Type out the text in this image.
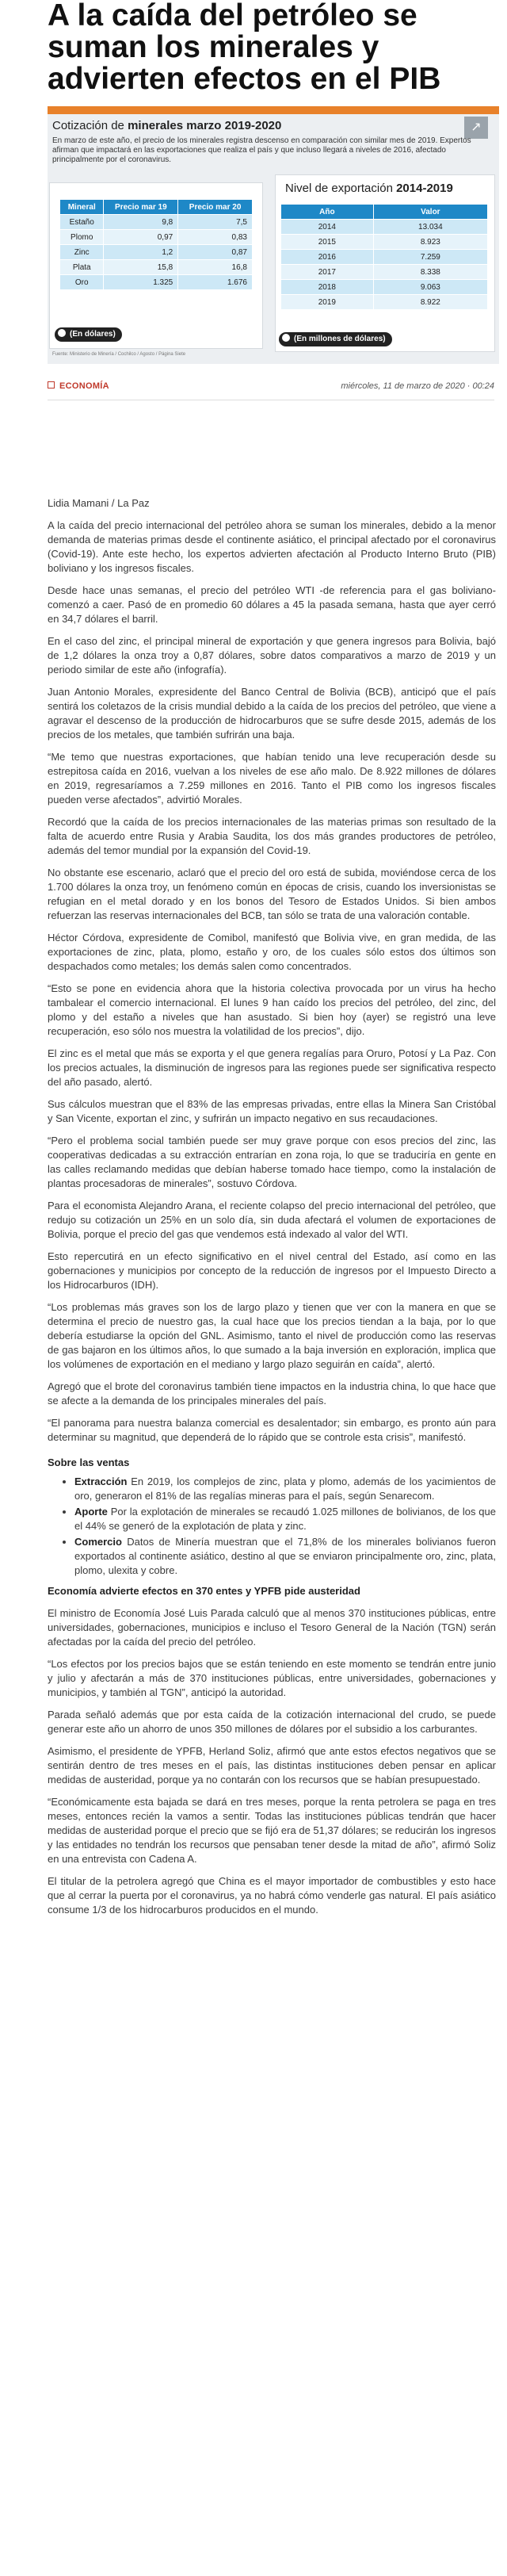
A la caída del petróleo se suman los minerales y advierten efectos en el PIB
Cotización de minerales marzo 2019-2020	↗
En marzo de este año, el precio de los minerales registra descenso en comparación con similar mes de 2019. Expertos afirman que impactará en las exportaciones que realiza el país y que incluso llegará a niveles de 2016, afectado principalmente por el coronavirus.
Mineral	Precio mar 19	Precio mar 20
Estaño	9,8	7,5
Plomo	0,97	0,83
Zinc	1,2	0,87
Plata	15,8	16,8
Oro	1.325	1.676
(En dólares)
Nivel de exportación 2014-2019
Año	Valor
2014	13.034
2015	8.923
2016	7.259
2017	8.338
2018	9.063
2019	8.922
(En millones de dólares)
Fuente: Ministerio de Minería / Cochilco / Agosto / Página Siete
ECONOMÍA	miércoles, 11 de marzo de 2020 · 00:24

Lidia Mamani / La Paz

A la caída del precio internacional del petróleo ahora se suman los minerales, debido a la menor demanda de materias primas desde el continente asiático, el principal afectado por el coronavirus (Covid-19). Ante este hecho, los expertos advierten afectación al Producto Interno Bruto (PIB) boliviano y los ingresos fiscales.

Desde hace unas semanas, el precio del petróleo WTI -de referencia para el gas boliviano- comenzó a caer. Pasó de en promedio 60 dólares a 45 la pasada semana, hasta que ayer cerró en 34,7 dólares el barril.

En el caso del zinc, el principal mineral de exportación y que genera ingresos para Bolivia, bajó de 1,2 dólares la onza troy a 0,87 dólares, sobre datos comparativos a marzo de 2019 y un periodo similar de este año (infografía).

Juan Antonio Morales, expresidente del Banco Central de Bolivia (BCB), anticipó que el país sentirá los coletazos de la crisis mundial debido a la caída de los precios del petróleo, que viene a agravar el descenso de la producción de hidrocarburos que se sufre desde 2015, además de los precios de los metales, que también sufrirán una baja.

“Me temo que nuestras exportaciones, que habían tenido una leve recuperación desde su estrepitosa caída en 2016, vuelvan a los niveles de ese año malo. De 8.922 millones de dólares en 2019, regresaríamos a 7.259 millones en 2016. Tanto el PIB como los ingresos fiscales pueden verse afectados”, advirtió Morales.

Recordó que la caída de los precios internacionales de las materias primas son resultado de la falta de acuerdo entre Rusia y Arabia Saudita, los dos más grandes productores de petróleo, además del temor mundial por la expansión del Covid-19.

No obstante ese escenario, aclaró que el precio del oro está de subida, moviéndose cerca de los 1.700 dólares la onza troy, un fenómeno común en épocas de crisis, cuando los inversionistas se refugian en el metal dorado y en los bonos del Tesoro de Estados Unidos. Si bien ambos refuerzan las reservas internacionales del BCB, tan sólo se trata de una valoración contable.

Héctor Córdova, expresidente de Comibol, manifestó que Bolivia vive, en gran medida, de las exportaciones de zinc, plata, plomo, estaño y oro, de los cuales sólo estos dos últimos son despachados como metales; los demás salen como concentrados.

“Esto se pone en evidencia ahora que la historia colectiva provocada por un virus ha hecho tambalear el comercio internacional. El lunes 9 han caído los precios del petróleo, del zinc, del plomo y del estaño a niveles que han asustado. Si bien hoy (ayer) se registró una leve recuperación, eso sólo nos muestra la volatilidad de los precios”, dijo.

El zinc es el metal que más se exporta y el que genera regalías para Oruro, Potosí y La Paz. Con los precios actuales, la disminución de ingresos para las regiones puede ser significativa respecto del año pasado, alertó.

Sus cálculos muestran que el 83% de las empresas privadas, entre ellas la Minera San Cristóbal y San Vicente, exportan el zinc, y sufrirán un impacto negativo en sus recaudaciones.

“Pero el problema social también puede ser muy grave porque con esos precios del zinc, las cooperativas dedicadas a su extracción entrarían en zona roja, lo que se traduciría en gente en las calles reclamando medidas que debían haberse tomado hace tiempo, como la instalación de plantas procesadoras de minerales”, sostuvo Córdova.

Para el economista Alejandro Arana, el reciente colapso del precio internacional del petróleo, que redujo su cotización un 25% en un solo día, sin duda afectará el volumen de exportaciones de Bolivia, porque el precio del gas que vendemos está indexado al valor del WTI.

Esto repercutirá en un efecto significativo en el nivel central del Estado, así como en las gobernaciones y municipios por concepto de la reducción de ingresos por el Impuesto Directo a los Hidrocarburos (IDH).

“Los problemas más graves son los de largo plazo y tienen que ver con la manera en que se determina el precio de nuestro gas, la cual hace que los precios tiendan a la baja, por lo que debería estudiarse la opción del GNL. Asimismo, tanto el nivel de producción como las reservas de gas bajaron en los últimos años, lo que sumado a la baja inversión en exploración, implica que los volúmenes de exportación en el mediano y largo plazo seguirán en caída”, alertó.

Agregó que el brote del coronavirus también tiene impactos en la industria china, lo que hace que se afecte a la demanda de los principales minerales del país.

“El panorama para nuestra balanza comercial es desalentador; sin embargo, es pronto aún para determinar su magnitud, que dependerá de lo rápido que se controle esta crisis”, manifestó.

Sobre las ventas

• Extracción En 2019, los complejos de zinc, plata y plomo, además de los yacimientos de oro, generaron el 81% de las regalías mineras para el país, según Senarecom.
• Aporte Por la explotación de minerales se recaudó 1.025 millones de bolivianos, de los que el 44% se generó de la explotación de plata y zinc.
• Comercio Datos de Minería muestran que el 71,8% de los minerales bolivianos fueron exportados al continente asiático, destino al que se enviaron principalmente oro, zinc, plata, plomo, ulexita y cobre.

Economía advierte efectos en 370 entes y YPFB pide austeridad

El ministro de Economía José Luis Parada calculó que al menos 370 instituciones públicas, entre universidades, gobernaciones, municipios e incluso el Tesoro General de la Nación (TGN) serán afectadas por la caída del precio del petróleo.

“Los efectos por los precios bajos que se están teniendo en este momento se tendrán entre junio y julio y afectarán a más de 370 instituciones públicas, entre universidades, gobernaciones y municipios, y también al TGN”, anticipó la autoridad.

Parada señaló además que por esta caída de la cotización internacional del crudo, se puede generar este año un ahorro de unos 350 millones de dólares por el subsidio a los carburantes.

Asimismo, el presidente de YPFB, Herland Soliz, afirmó que ante estos efectos negativos que se sentirán dentro de tres meses en el país, las distintas instituciones deben pensar en aplicar medidas de austeridad, porque ya no contarán con los recursos que se habían presupuestado.

“Económicamente esta bajada se dará en tres meses, porque la renta petrolera se paga en tres meses, entonces recién la vamos a sentir. Todas las instituciones públicas tendrán que hacer medidas de austeridad porque el precio que se fijó era de 51,37 dólares; se reducirán los ingresos y las entidades no tendrán los recursos que pensaban tener desde la mitad de año”, afirmó Soliz en una entrevista con Cadena A.

El titular de la petrolera agregó que China es el mayor importador de combustibles y esto hace que al cerrar la puerta por el coronavirus, ya no habrá cómo venderle gas natural. El país asiático consume 1/3 de los hidrocarburos producidos en el mundo.
